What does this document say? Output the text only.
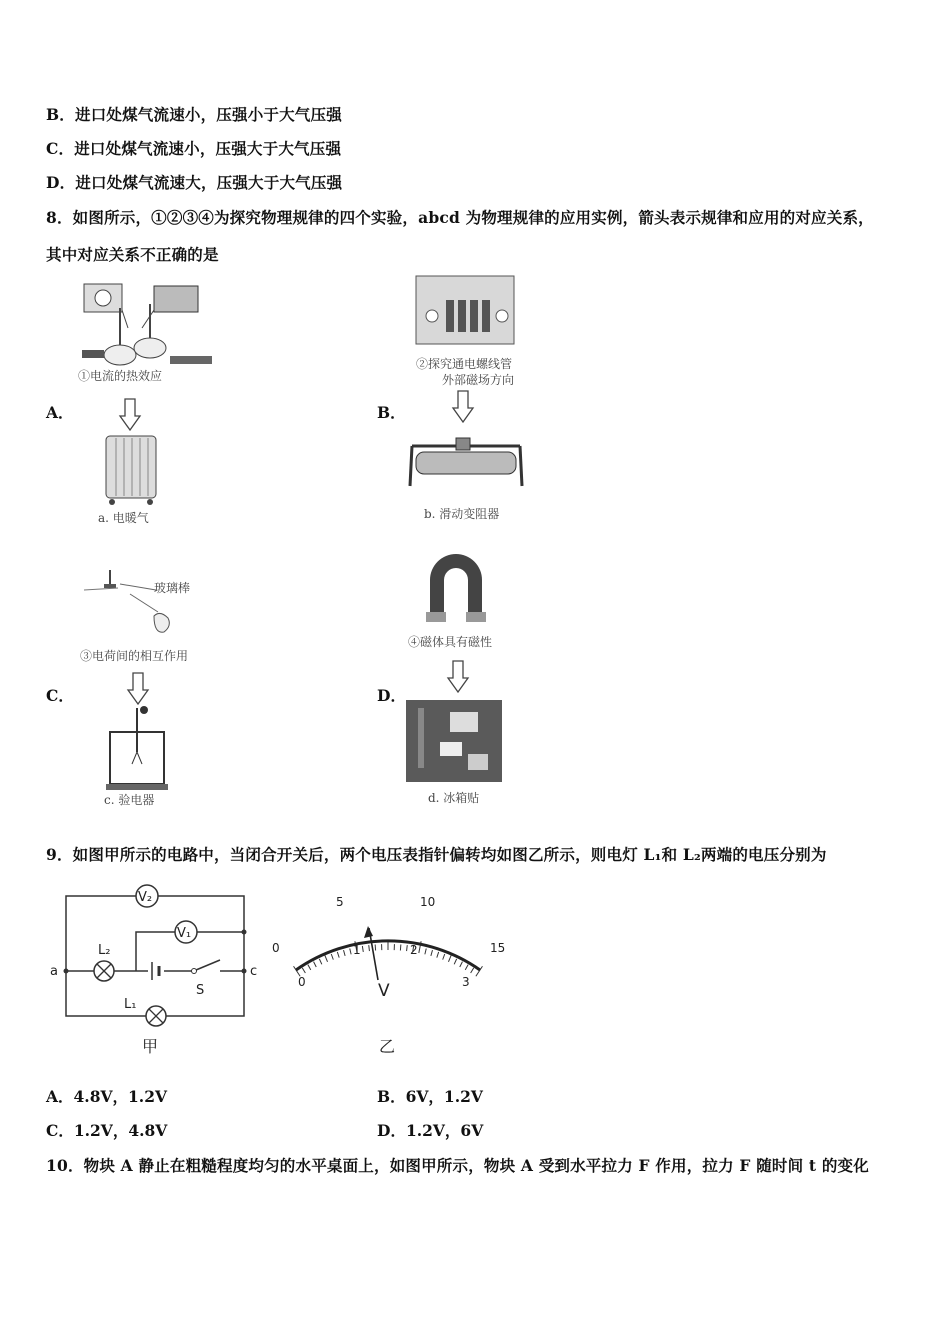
B．进口处煤气流速小，压强小于大气压强
C．进口处煤气流速小，压强大于大气压强
D．进口处煤气流速大，压强大于大气压强
8．如图所示，①②③④为探究物理规律的四个实验，abcd 为物理规律的应用实例，箭头表示规律和应用的对应关系，
其中对应关系不正确的是
A．	B．
C．	D．
①电流的热效应
a. 电暖气
②探究通电螺线管
外部磁场方向
b. 滑动变阻器
玻璃棒
③电荷间的相互作用
c. 验电器
④磁体具有磁性
d. 冰箱贴
9．如图甲所示的电路中，当闭合开关后，两个电压表指针偏转均如图乙所示，则电灯 L₁和 L₂两端的电压分别为
V₂
V₁
L₂
S
L₁
a	c
甲
0
5	10
15
0
1	2
3
V
乙
A．4.8V，1.2V	B．6V，1.2V
C．1.2V，4.8V	D．1.2V，6V
10．物块 A 静止在粗糙程度均匀的水平桌面上，如图甲所示，物块 A 受到水平拉力 F 作用，拉力 F 随时间 t 的变化
